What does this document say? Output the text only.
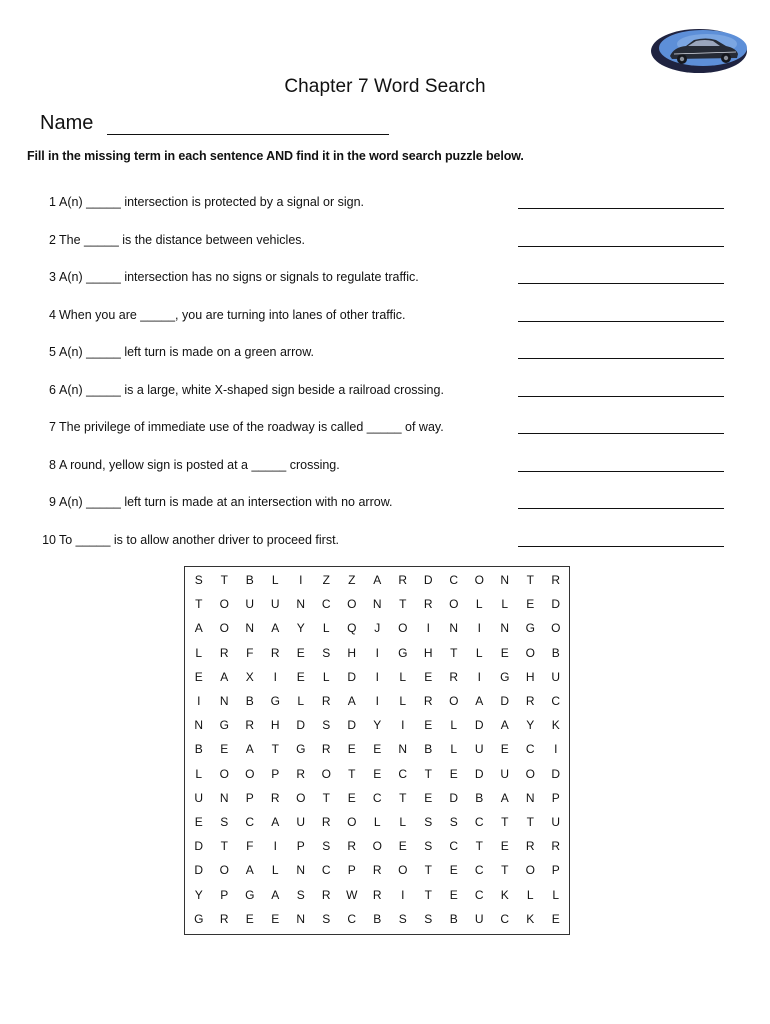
Chapter 7 Word Search
Name
Fill in the missing term in each sentence AND find it in the word search puzzle below.
1 A(n) _____ intersection is protected by a signal or sign.
2 The _____ is the distance between vehicles.
3 A(n) _____ intersection has no signs or signals to regulate traffic.
4 When you are _____, you are turning into lanes of other traffic.
5 A(n) _____ left turn is made on a green arrow.
6 A(n) _____ is a large, white X-shaped sign beside a railroad crossing.
7 The privilege of immediate use of the roadway is called _____ of way.
8 A round, yellow sign is posted at a _____ crossing.
9 A(n) _____ left turn is made at an intersection with no arrow.
10 To _____ is to allow another driver to proceed first.
S	T	B	L	I	Z	Z	A	R	D	C	O	N	T	R
T	O	U	U	N	C	O	N	T	R	O	L	L	E	D
A	O	N	A	Y	L	Q	J	O	I	N	I	N	G	O
L	R	F	R	E	S	H	I	G	H	T	L	E	O	B
E	A	X	I	E	L	D	I	L	E	R	I	G	H	U
I	N	B	G	L	R	A	I	L	R	O	A	D	R	C
N	G	R	H	D	S	D	Y	I	E	L	D	A	Y	K
B	E	A	T	G	R	E	E	N	B	L	U	E	C	I
L	O	O	P	R	O	T	E	C	T	E	D	U	O	D
U	N	P	R	O	T	E	C	T	E	D	B	A	N	P
E	S	C	A	U	R	O	L	L	S	S	C	T	T	U
D	T	F	I	P	S	R	O	E	S	C	T	E	R	R
D	O	A	L	N	C	P	R	O	T	E	C	T	O	P
Y	P	G	A	S	R	W	R	I	T	E	C	K	L	L
G	R	E	E	N	S	C	B	S	S	B	U	C	K	E
